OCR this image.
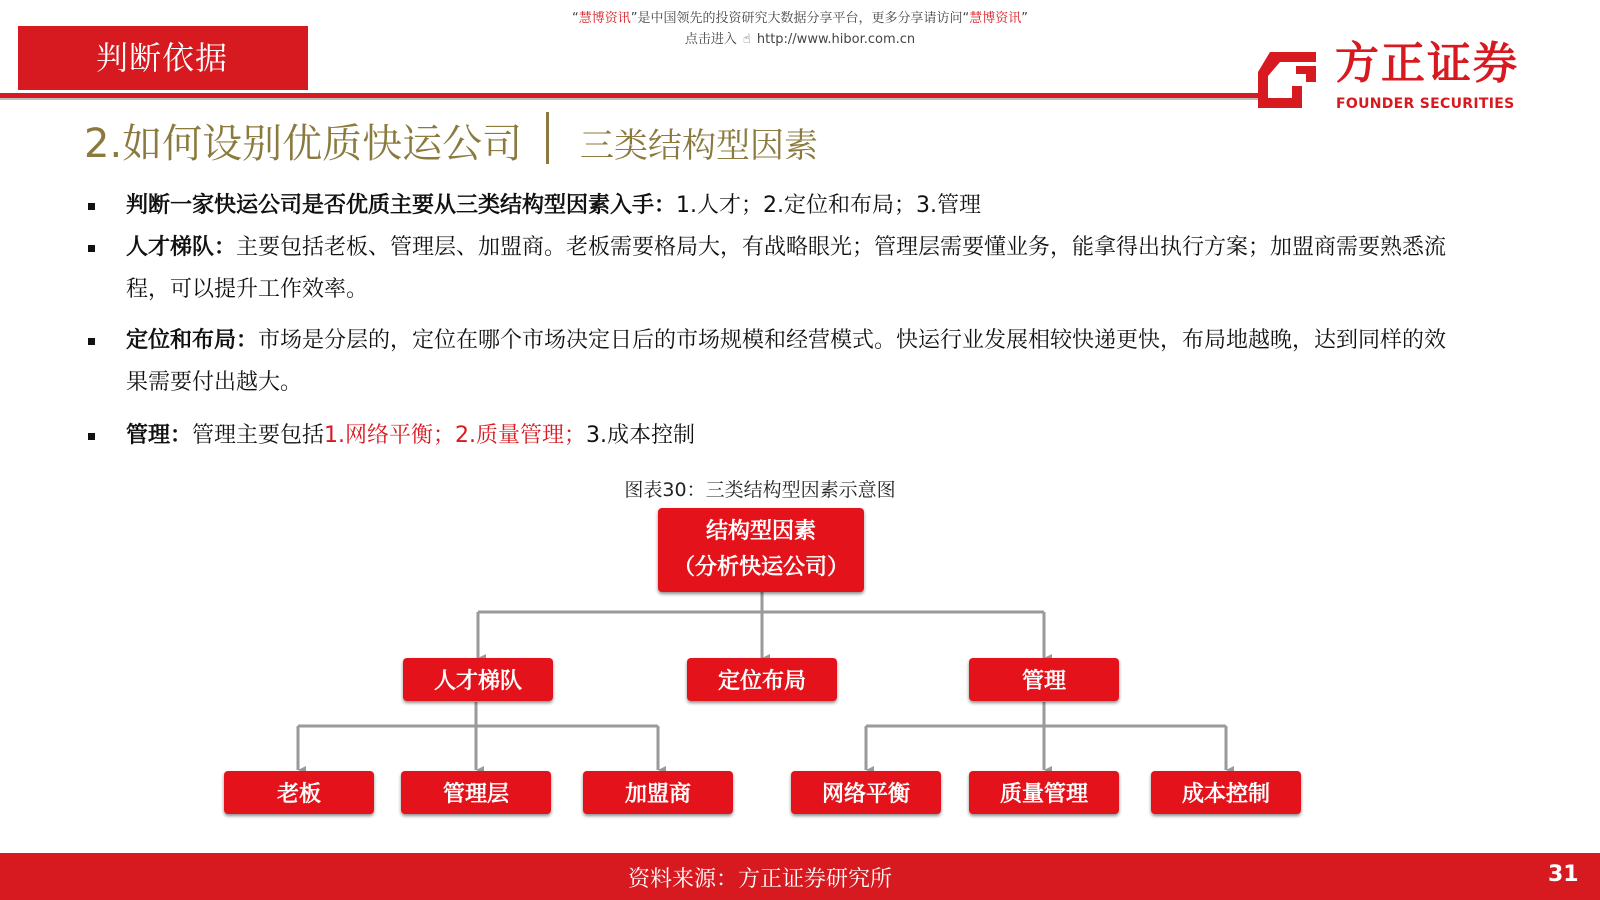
“慧博资讯”是中国领先的投资研究大数据分享平台，更多分享请访问“慧博资讯”
点击进入 ☝ http://www.hibor.com.cn
判断依据	方正证券
FOUNDER SECURITIES
2.如何设别优质快运公司 三类结构型因素
判断一家快运公司是否优质主要从三类结构型因素入手：1.人才；2.定位和布局；3.管理
人才梯队：主要包括老板、管理层、加盟商。老板需要格局大，有战略眼光；管理层需要懂业务，能拿得出执行方案；加盟商需要熟悉流程，可以提升工作效率。
定位和布局：市场是分层的，定位在哪个市场决定日后的市场规模和经营模式。快运行业发展相较快递更快，布局地越晚，达到同样的效果需要付出越大。
管理：管理主要包括1.网络平衡；2.质量管理；3.成本控制
图表30：三类结构型因素示意图
结构型因素
（分析快运公司）
人才梯队	定位布局	管理
老板	管理层	加盟商	网络平衡	质量管理	成本控制
资料来源：方正证券研究所	31
